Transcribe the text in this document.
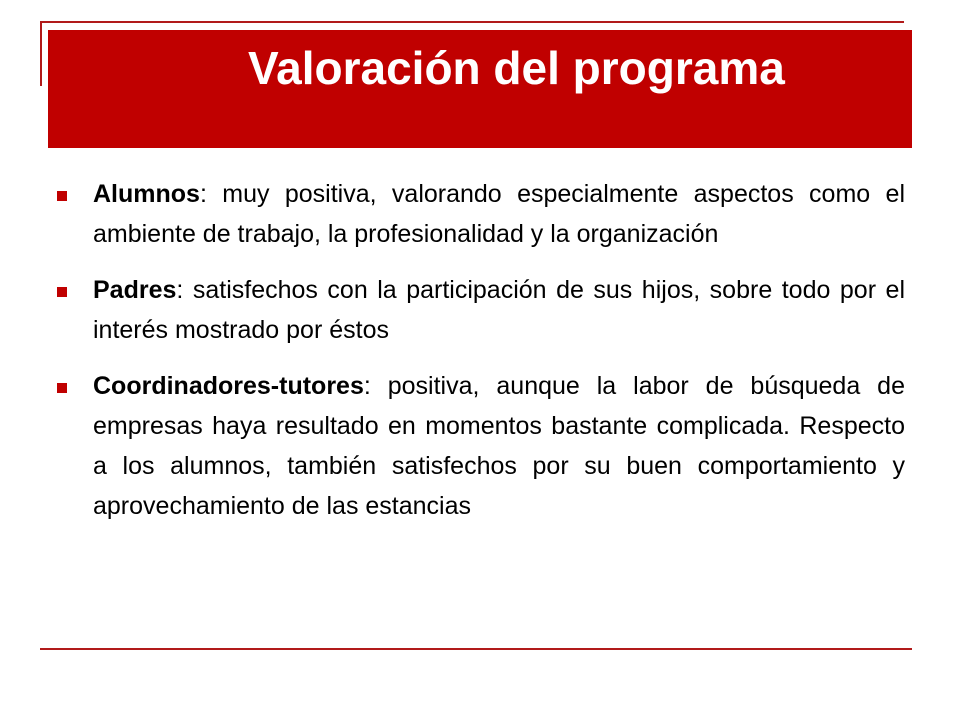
Valoración del programa

Alumnos: muy positiva, valorando especialmente aspectos como el ambiente de trabajo, la profesionalidad y la organización

Padres: satisfechos con la participación de sus hijos, sobre todo por el interés mostrado por éstos

Coordinadores-tutores: positiva, aunque la labor de búsqueda de empresas haya resultado en momentos bastante complicada. Respecto a los alumnos, también satisfechos por su buen comportamiento y aprovechamiento de las estancias
